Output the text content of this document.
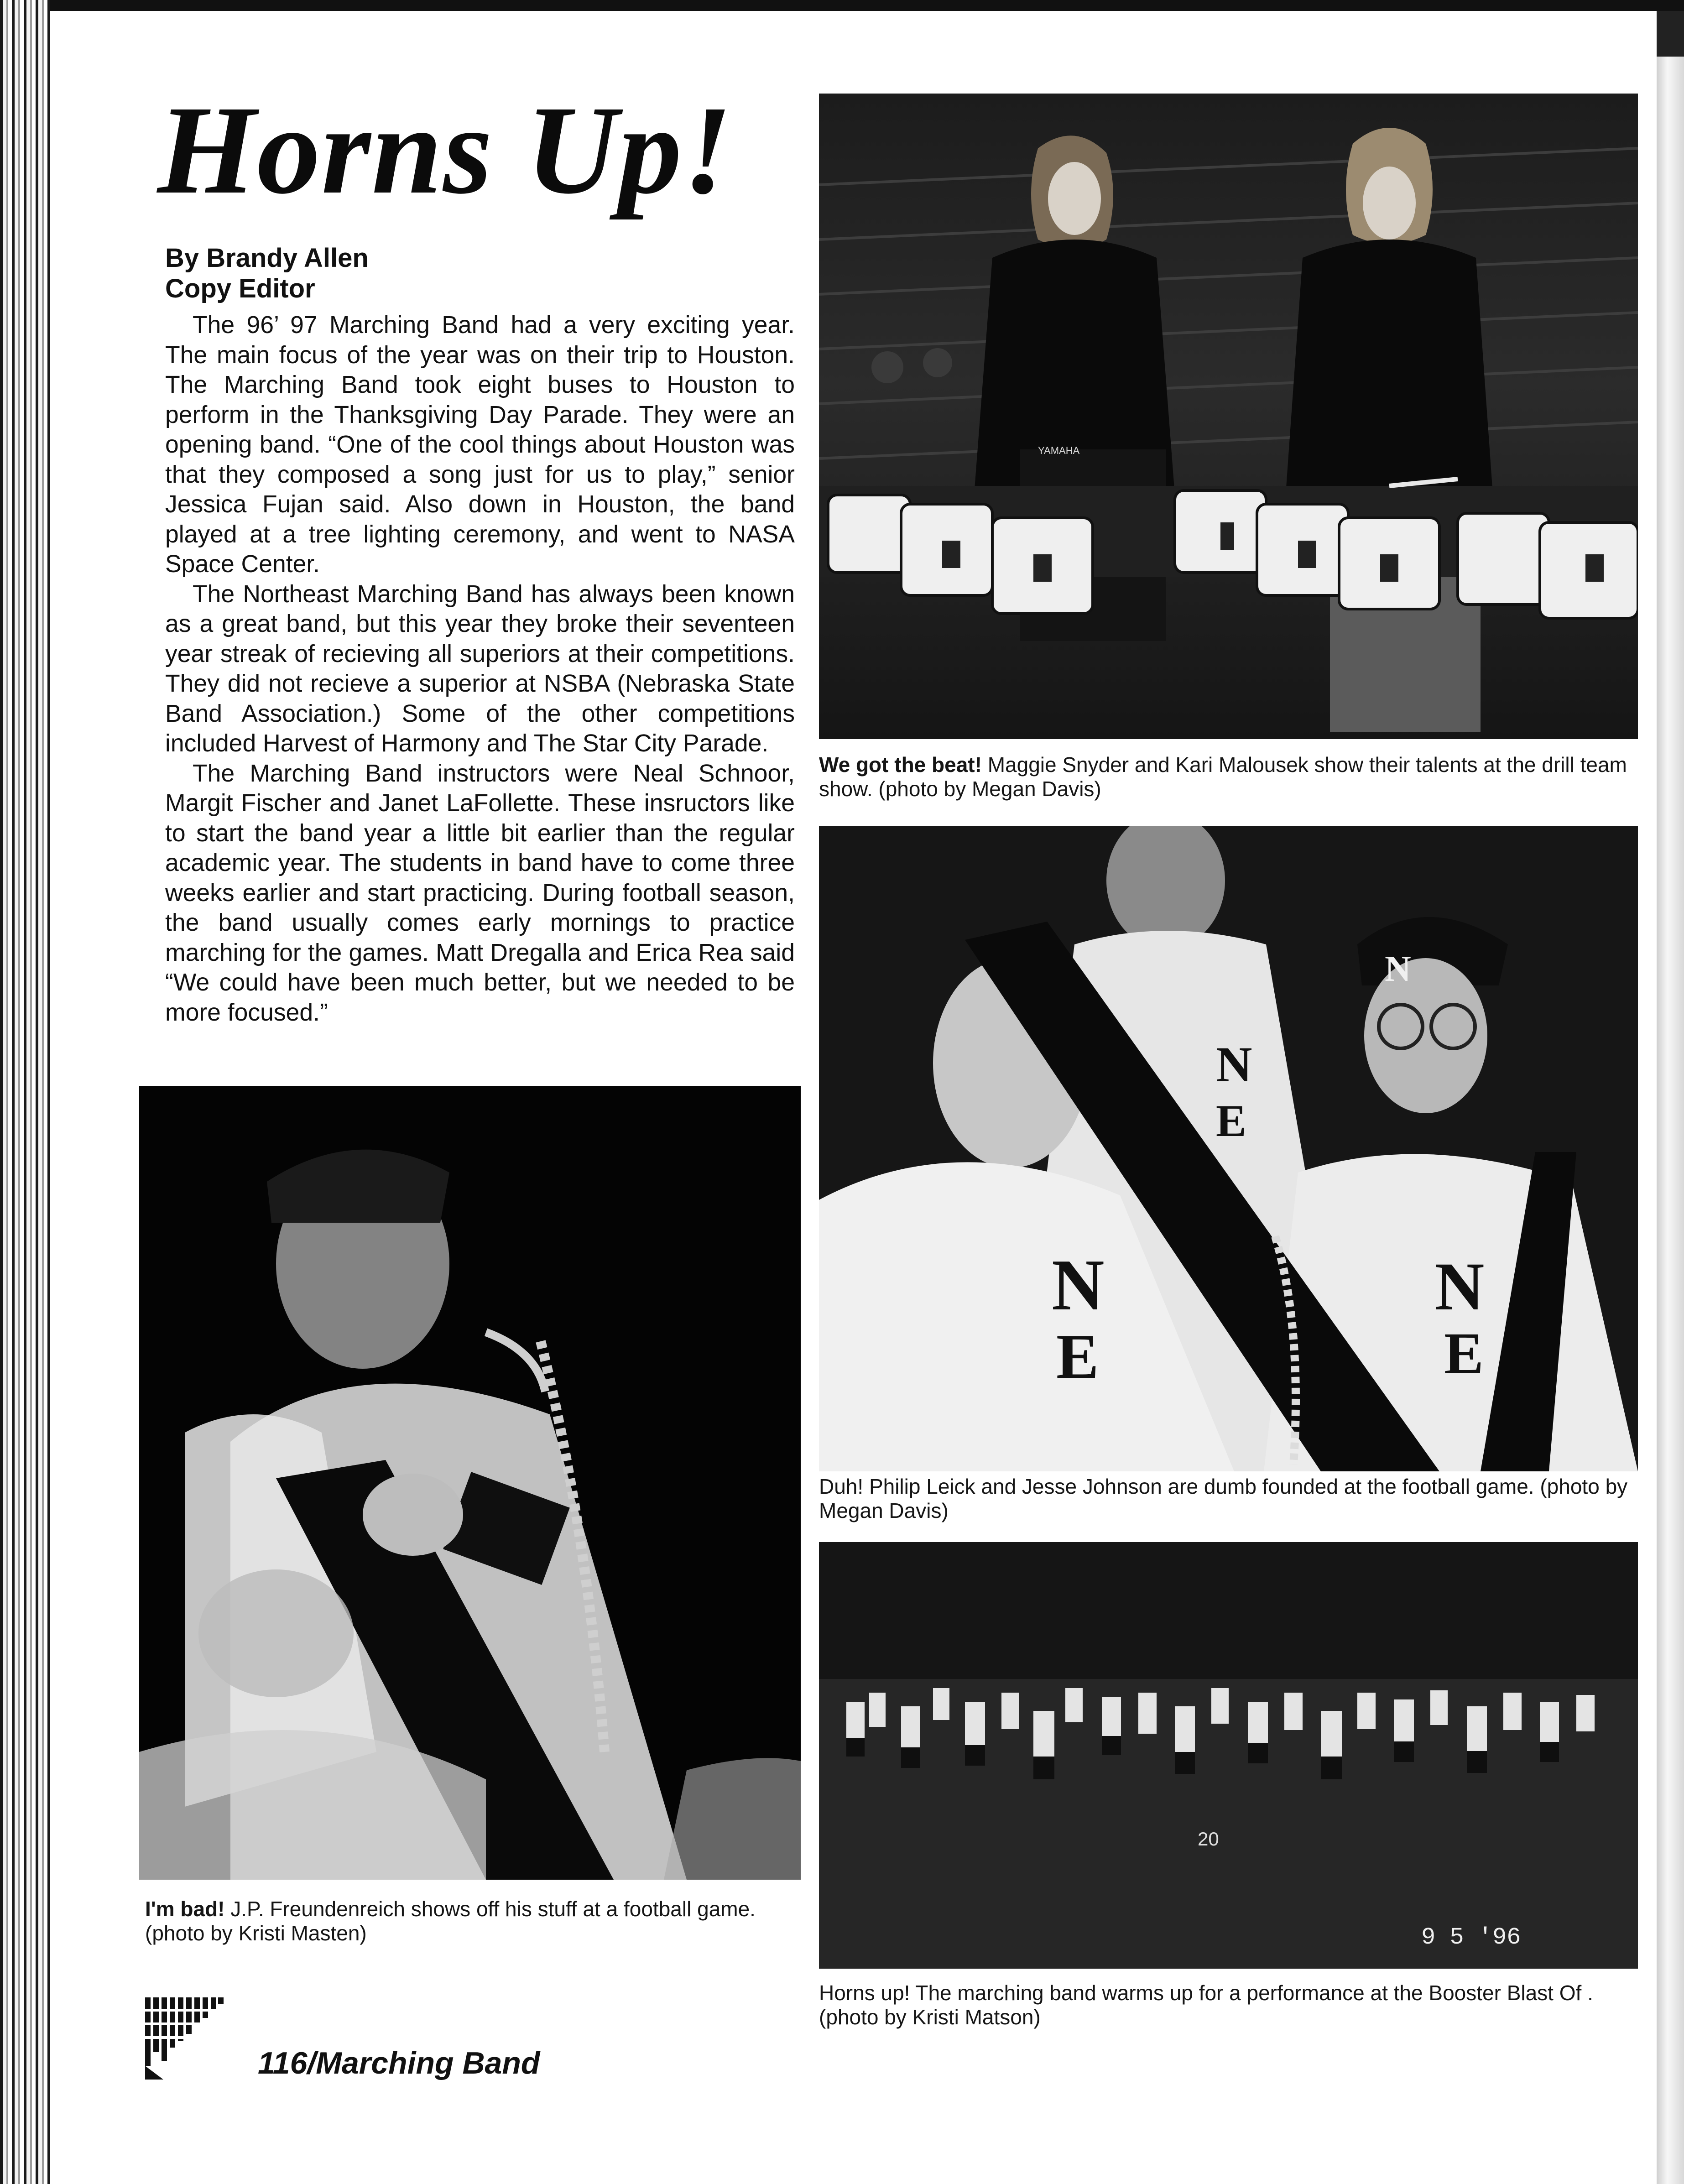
Horns Up!
By Brandy Allen
Copy Editor

The 96’ 97 Marching Band had a very exciting year. The main focus of the year was on their trip to Houston. The Marching Band took eight buses to Houston to perform in the Thanksgiving Day Parade. They were an opening band. “One of the cool things about Houston was that they composed a song just for us to play,” senior Jessica Fujan said. Also down in Houston, the band played at a tree lighting ceremony, and went to NASA Space Center.

The Northeast Marching Band has always been known as a great band, but this year they broke their seventeen year streak of recieving all superiors at their competitions. They did not recieve a superior at NSBA (Nebraska State Band Association.) Some of the other competitions included Harvest of Harmony and The Star City Parade.

The Marching Band instructors were Neal Schnoor, Margit Fischer and Janet LaFollette. These insructors like to start the band year a little bit earlier than the regular academic year. The students in band have to come three weeks earlier and start practicing. During football season, the band usually comes early mornings to practice marching for the games. Matt Dregalla and Erica Rea said “We could have been much better, but we needed to be more focused.”

YAMAHA
We got the beat! Maggie Snyder and Kari Malousek show their talents at the drill team show. (photo by Megan Davis)
N
E
N
E
N
E
N
Duh! Philip Leick and Jesse Johnson are dumb founded at the football game. (photo by Megan Davis)
I'm bad! J.P. Freundenreich shows off his stuff at a football game. (photo by Kristi Masten)
20
9 5 '96
Horns up! The marching band warms up for a performance at the Booster Blast Of . (photo by Kristi Matson)
116/Marching Band
